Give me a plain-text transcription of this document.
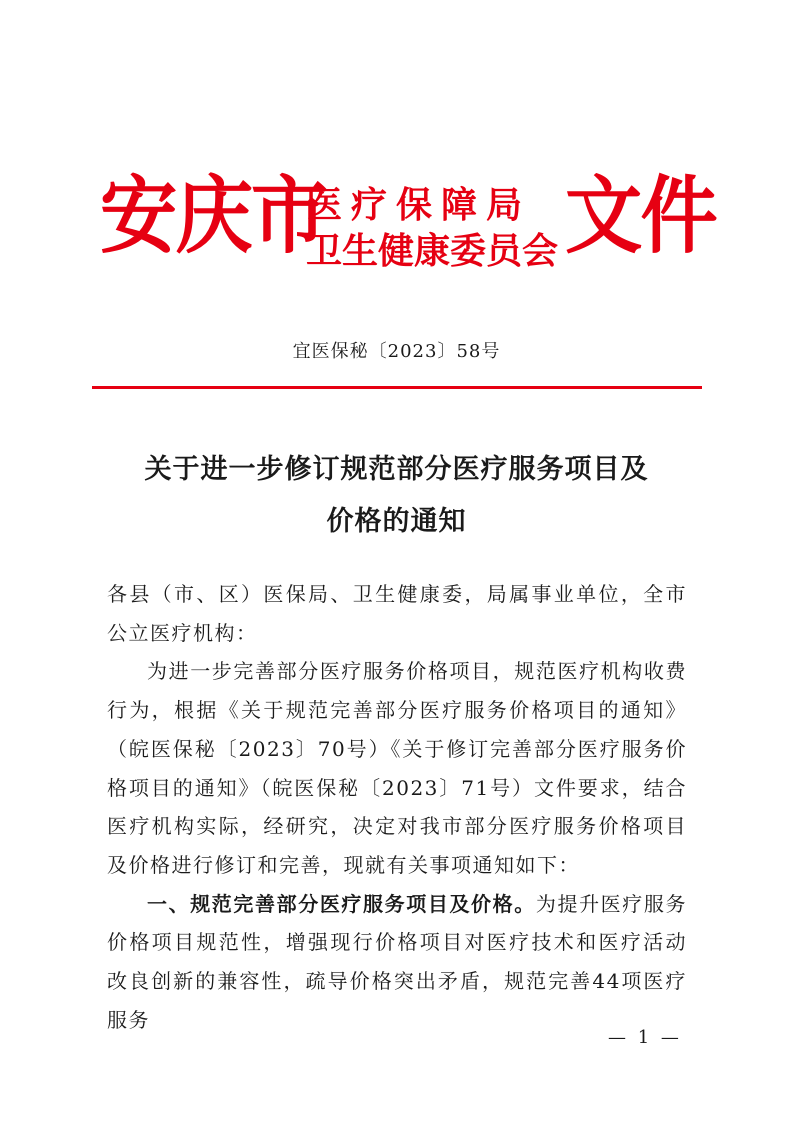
安庆市
医疗保障局
卫生健康委员会 文件
宜医保秘〔2023〕58号
关于进一步修订规范部分医疗服务项目及
价格的通知

各县（市、区）医保局、卫生健康委，局属事业单位，全市公立医疗机构：

为进一步完善部分医疗服务价格项目，规范医疗机构收费行为，根据《关于规范完善部分医疗服务价格项目的通知》（皖医保秘〔2023〕70号）《关于修订完善部分医疗服务价格项目的通知》（皖医保秘〔2023〕71号）文件要求，结合医疗机构实际，经研究，决定对我市部分医疗服务价格项目及价格进行修订和完善，现就有关事项通知如下：

一、规范完善部分医疗服务项目及价格。为提升医疗服务价格项目规范性，增强现行价格项目对医疗技术和医疗活动改良创新的兼容性，疏导价格突出矛盾，规范完善44项医疗服务

— 1 —
